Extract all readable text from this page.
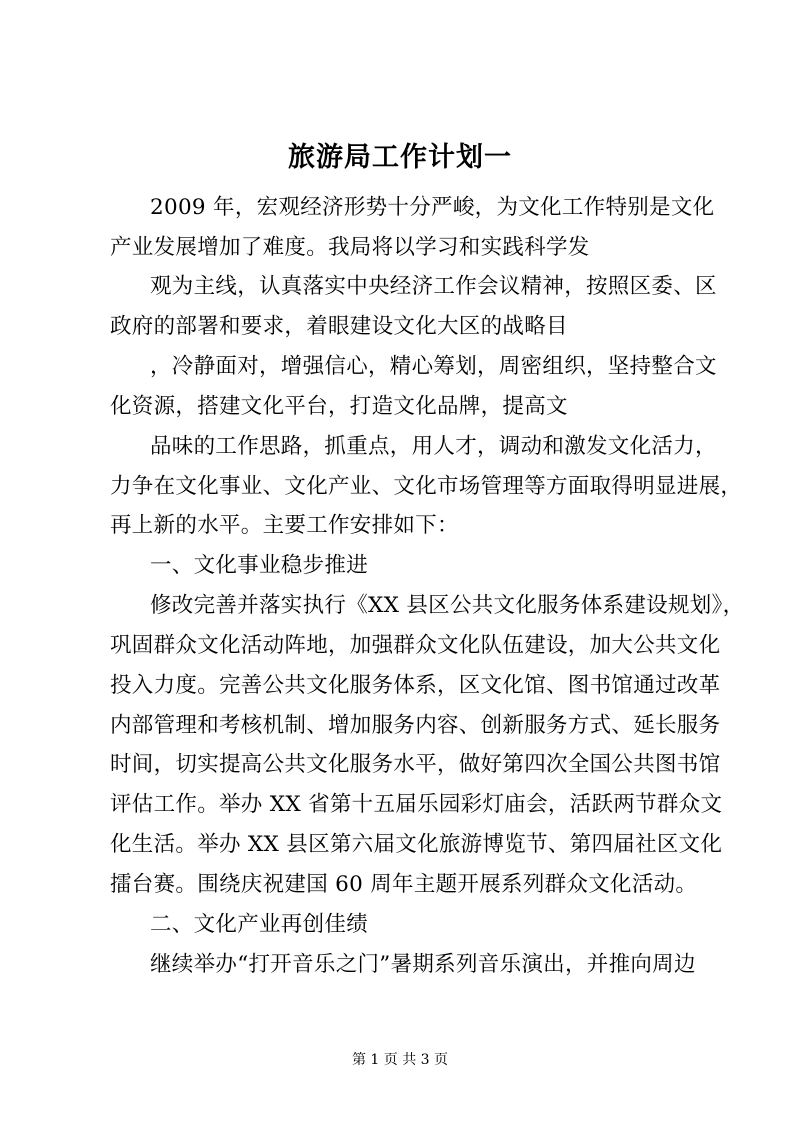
旅游局工作计划一
2009 年，宏观经济形势十分严峻，为文化工作特别是文化
产业发展增加了难度。我局将以学习和实践科学发
观为主线，认真落实中央经济工作会议精神，按照区委、区
政府的部署和要求，着眼建设文化大区的战略目
，冷静面对，增强信心，精心筹划，周密组织，坚持整合文
化资源，搭建文化平台，打造文化品牌，提高文
品味的工作思路，抓重点，用人才，调动和激发文化活力，
力争在文化事业、文化产业、文化市场管理等方面取得明显进展，
再上新的水平。主要工作安排如下：
一、文化事业稳步推进
修改完善并落实执行《XX 县区公共文化服务体系建设规划》，
巩固群众文化活动阵地，加强群众文化队伍建设，加大公共文化
投入力度。完善公共文化服务体系，区文化馆、图书馆通过改革
内部管理和考核机制、增加服务内容、创新服务方式、延长服务
时间，切实提高公共文化服务水平，做好第四次全国公共图书馆
评估工作。举办 XX 省第十五届乐园彩灯庙会，活跃两节群众文
化生活。举办 XX 县区第六届文化旅游博览节、第四届社区文化
擂台赛。围绕庆祝建国 60 周年主题开展系列群众文化活动。
二、文化产业再创佳绩
继续举办“打开音乐之门”暑期系列音乐演出，并推向周边
第 1 页 共 3 页
